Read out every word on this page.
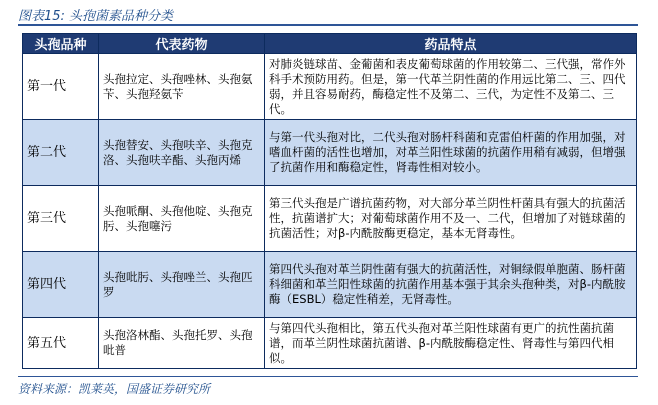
图表15: 头孢菌素品种分类
头孢品种	代表药物	药品特点
第一代	头孢拉定、头孢唑林、头孢氨苄、头孢羟氨苄	对肺炎链球苗、金葡菌和表皮葡萄球菌的作用较第二、三代强，常作外科手术预防用药。但是，第一代革兰阴性菌的作用远比第二、三、四代弱，并且容易耐药，酶稳定性不及第二、三代，为定性不及第二、三代。
第二代	头孢替安、头孢呋辛、头孢克洛、头孢呋辛酯、头孢丙烯	与第一代头孢对比，二代头孢对肠杆科菌和克雷伯杆菌的作用加强，对 嗜血杆菌的活性也增加，对革兰阳性球菌的抗菌作用稍有减弱，但增强 了抗菌作用和酶稳定性，肾毒性相对较小。
第三代	头孢哌酮、头孢他啶、头孢克肟、头孢噻污	第三代头孢是广谱抗菌药物，对大部分革兰阴性杆菌具有强大的抗菌活性，抗菌谱扩大；对葡萄球菌作用不及一、二代，但增加了对链球菌的抗菌活性；对β-内酰胺酶更稳定，基本无肾毒性。
第四代	头孢吡肟、头孢唑兰、头孢匹罗	第四代头孢对革兰阴性菌有强大的抗菌活性，对铜绿假单胞菌、肠杆菌科细菌和革兰阳性球菌的抗菌作用基本强于其余头孢种类，对β-内酰胺酶（ESBL）稳定性稍差，无肾毒性。
第五代	头孢洛林酯、头孢托罗、头孢吡普	与第四代头孢相比，第五代头孢对革兰阳性球菌有更广的抗性菌抗菌谱，而革兰阴性球菌抗菌谱、β-内酰胺酶稳定性、肾毒性与第四代相似。
资料来源：凯莱英，国盛证券研究所
